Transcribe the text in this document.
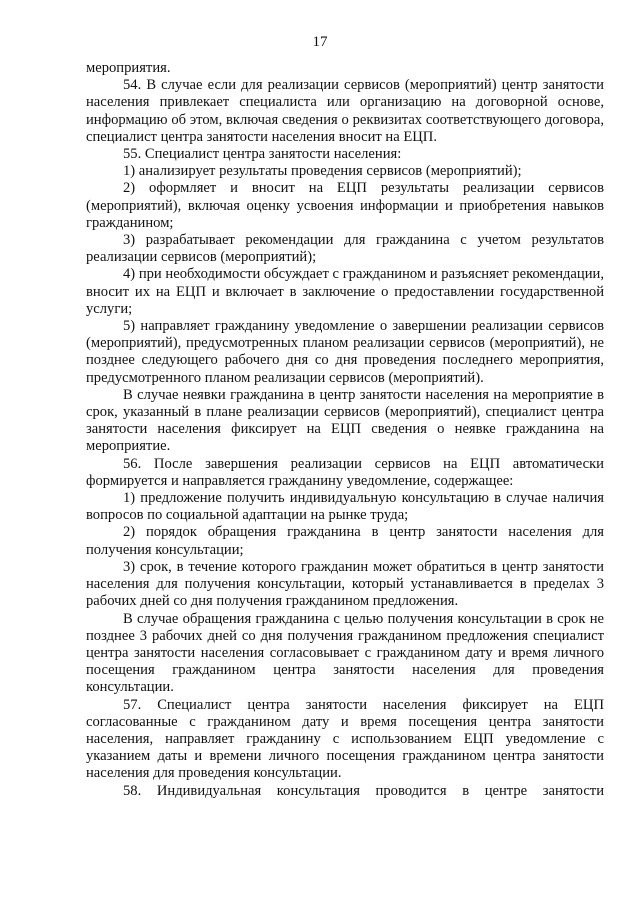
17

мероприятия.

54. В случае если для реализации сервисов (мероприятий) центр занятости населения привлекает специалиста или организацию на договорной основе, информацию об этом, включая сведения о реквизитах соответствующего договора, специалист центра занятости населения вносит на ЕЦП.

55. Специалист центра занятости населения:

1) анализирует результаты проведения сервисов (мероприятий);

2) оформляет и вносит на ЕЦП результаты реализации сервисов (мероприятий), включая оценку усвоения информации и приобретения навыков гражданином;

3) разрабатывает рекомендации для гражданина с учетом результатов реализации сервисов (мероприятий);

4) при необходимости обсуждает с гражданином и разъясняет рекомендации, вносит их на ЕЦП и включает в заключение о предоставлении государственной услуги;

5) направляет гражданину уведомление о завершении реализации сервисов (мероприятий), предусмотренных планом реализации сервисов (мероприятий), не позднее следующего рабочего дня со дня проведения последнего мероприятия, предусмотренного планом реализации сервисов (мероприятий).

В случае неявки гражданина в центр занятости населения на мероприятие в срок, указанный в плане реализации сервисов (мероприятий), специалист центра занятости населения фиксирует на ЕЦП сведения о неявке гражданина на мероприятие.

56. После завершения реализации сервисов на ЕЦП автоматически формируется и направляется гражданину уведомление, содержащее:

1) предложение получить индивидуальную консультацию в случае наличия вопросов по социальной адаптации на рынке труда;

2) порядок обращения гражданина в центр занятости населения для получения консультации;

3) срок, в течение которого гражданин может обратиться в центр занятости населения для получения консультации, который устанавливается в пределах 3 рабочих дней со дня получения гражданином предложения.

В случае обращения гражданина с целью получения консультации в срок не позднее 3 рабочих дней со дня получения гражданином предложения специалист центра занятости населения согласовывает с гражданином дату и время личного посещения гражданином центра занятости населения для проведения консультации.

57. Специалист центра занятости населения фиксирует на ЕЦП согласованные с гражданином дату и время посещения центра занятости населения, направляет гражданину с использованием ЕЦП уведомление с указанием даты и времени личного посещения гражданином центра занятости населения для проведения консультации.

58. Индивидуальная консультация проводится в центре занятости
